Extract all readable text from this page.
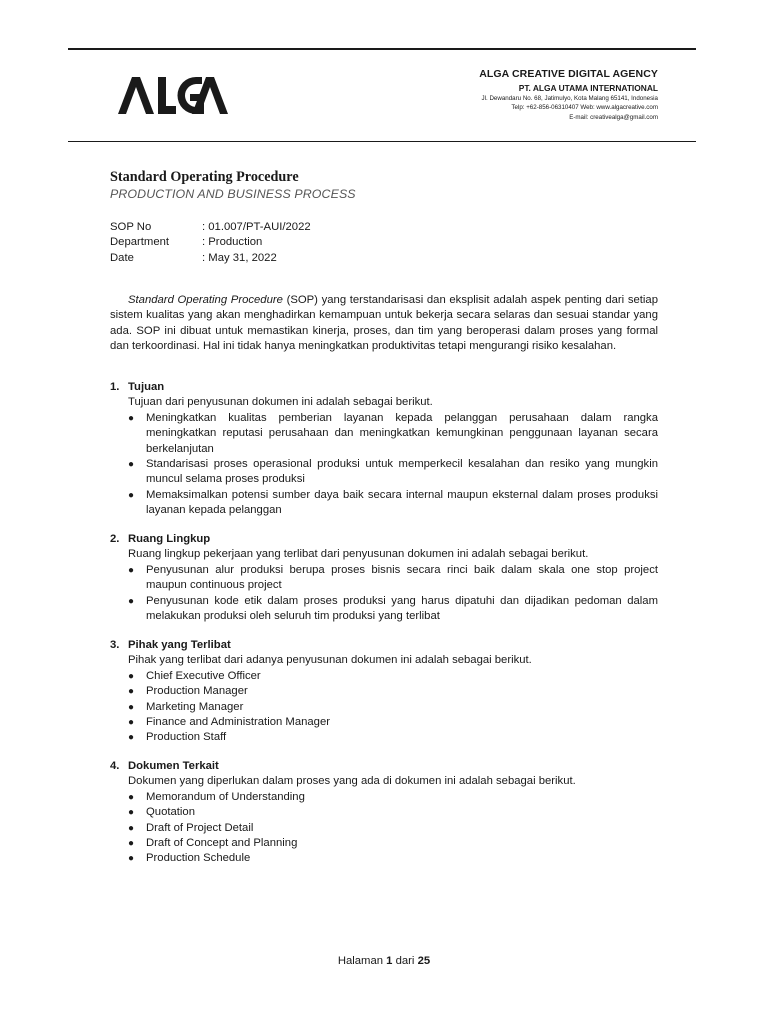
ALGA CREATIVE DIGITAL AGENCY
PT. ALGA UTAMA INTERNATIONAL
Jl. Dewandaru No. 68, Jatimulyo, Kota Malang 65141, Indonesia
Telp: +62-856-06310407 Web: www.algacreative.com
E-mail: creativealga@gmail.com
Standard Operating Procedure
PRODUCTION AND BUSINESS PROCESS
SOP No	: 01.007/PT-AUI/2022
Department	: Production
Date	: May 31, 2022

Standard Operating Procedure (SOP) yang terstandarisasi dan eksplisit adalah aspek penting dari setiap sistem kualitas yang akan menghadirkan kemampuan untuk bekerja secara selaras dan sesuai standar yang ada. SOP ini dibuat untuk memastikan kinerja, proses, dan tim yang beroperasi dalam proses yang formal dan terkoordinasi. Hal ini tidak hanya meningkatkan produktivitas tetapi mengurangi risiko kesalahan.

1. Tujuan
Tujuan dari penyusunan dokumen ini adalah sebagai berikut.
● Meningkatkan kualitas pemberian layanan kepada pelanggan perusahaan dalam rangka meningkatkan reputasi perusahaan dan meningkatkan kemungkinan penggunaan layanan secara berkelanjutan
● Standarisasi proses operasional produksi untuk memperkecil kesalahan dan resiko yang mungkin muncul selama proses produksi
● Memaksimalkan potensi sumber daya baik secara internal maupun eksternal dalam proses produksi layanan kepada pelanggan
2. Ruang Lingkup
Ruang lingkup pekerjaan yang terlibat dari penyusunan dokumen ini adalah sebagai berikut.
● Penyusunan alur produksi berupa proses bisnis secara rinci baik dalam skala one stop project maupun continuous project
● Penyusunan kode etik dalam proses produksi yang harus dipatuhi dan dijadikan pedoman dalam melakukan produksi oleh seluruh tim produksi yang terlibat
3. Pihak yang Terlibat
Pihak yang terlibat dari adanya penyusunan dokumen ini adalah sebagai berikut.
● Chief Executive Officer
● Production Manager
● Marketing Manager
● Finance and Administration Manager
● Production Staff
4. Dokumen Terkait
Dokumen yang diperlukan dalam proses yang ada di dokumen ini adalah sebagai berikut.
● Memorandum of Understanding
● Quotation
● Draft of Project Detail
● Draft of Concept and Planning
● Production Schedule
Halaman 1 dari 25
